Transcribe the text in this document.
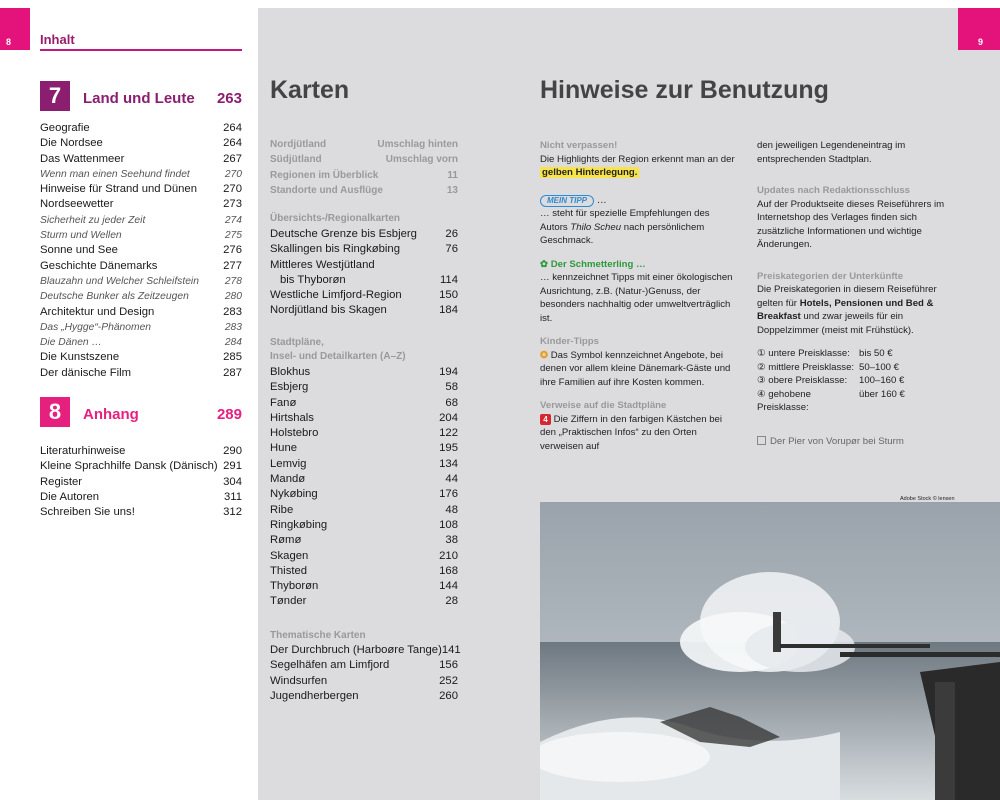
8	Inhalt
7	Land und Leute 263
Geografie	264
Die Nordsee	264
Das Wattenmeer	267
Wenn man einen Seehund findet	270
Hinweise für Strand und Dünen 270
Nordseewetter	273
Sicherheit zu jeder Zeit	274
Sturm und Wellen	275
Sonne und See	276
Geschichte Dänemarks	277
Blauzahn und Welcher Schleifstein	278
Deutsche Bunker als Zeitzeugen	280
Architektur und Design	283
Das „Hygge“-Phänomen	283
Die Dänen …	284
Die Kunstszene	285
Der dänische Film	287
8	Anhang	289
Literaturhinweise	290
Kleine Sprachhilfe Dansk (Dänisch) 291
Register	304
Die Autoren	311
Schreiben Sie uns!	312
Karten
Nordjütland	Umschlag hinten
Südjütland	Umschlag vorn
Regionen im Überblick	11
Standorte und Ausflüge	13
Übersichts-/Regionalkarten
Deutsche Grenze bis Esbjerg	26
Skallingen bis Ringkøbing	76
Mittleres Westjütland
bis Thyborøn	114
Westliche Limfjord-Region	150
Nordjütland bis Skagen	184
Stadtpläne,
Insel- und Detailkarten (A–Z)
Blokhus	194
Esbjerg	58
Fanø	68
Hirtshals	204
Holstebro	122
Hune	195
Lemvig	134
Mandø	44
Nykøbing	176
Ribe	48
Ringkøbing	108
Rømø	38
Skagen	210
Thisted	168
Thyborøn	144
Tønder	28
Thematische Karten
Der Durchbruch (Harboøre Tange) 141
Segelhäfen am Limfjord	156
Windsurfen	252
Jugendherbergen	260
9
Hinweise zur Benutzung
Nicht verpassen!

Die Highlights der Region erkennt man an der
gelben Hinterlegung.

MEIN TIPP …
… steht für spezielle Empfehlungen des Autors Thilo Scheu nach persönlichem Geschmack.

✿ Der Schmetterling …
… kennzeichnet Tipps mit einer ökologischen Ausrichtung, z.B. (Natur-)Genuss, der besonders nachhaltig oder umweltverträglich ist.

Kinder-Tipps

✪ Das Symbol kennzeichnet Angebote, bei denen vor allem kleine Dänemark-Gäste und ihre Familien auf ihre Kosten kommen.

Verweise auf die Stadtpläne

4 Die Ziffern in den farbigen Kästchen bei den „Praktischen Infos“ zu den Orten verweisen auf

den jeweiligen Legendeneintrag im entsprechenden Stadtplan.

Updates nach Redaktionsschluss

Auf der Produktseite dieses Reiseführers im Internetshop des Verlages finden sich zusätzliche Informationen und wichtige Änderungen.

Preiskategorien der Unterkünfte

Die Preiskategorien in diesem Reiseführer gelten für Hotels, Pensionen und Bed & Breakfast und zwar jeweils für ein Doppelzimmer (meist mit Frühstück).

① untere Preisklasse: bis 50 €
② mittlere Preisklasse: 50–100 €
③ obere Preisklasse:	100–160 €
④ gehobene Preisklasse:
über 160 €

Der Pier von Vorupør bei Sturm

Adobe Stock © lensen
